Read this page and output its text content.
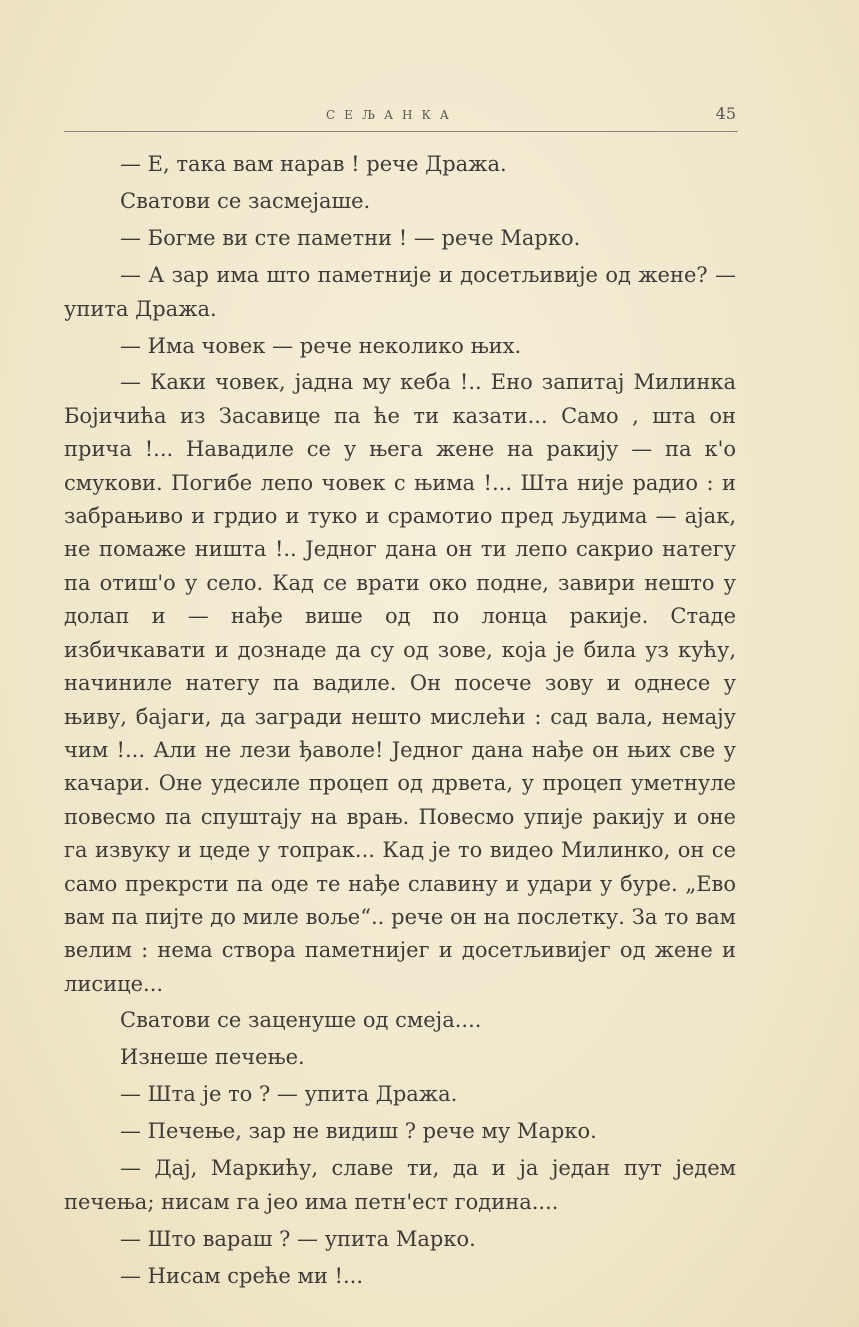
СЕЉАНКА	45

— Е, така вам нарав ! рече Дража.

Сватови се засмејаше.

— Богме ви сте паметни ! — рече Марко.

— А зар има што паметније и досетљивије од жене? — упита Дража.

— Има човек — рече неколико њих.

— Каки човек, јадна му кеба !.. Ено запитај Милинка Бојичића из Засавице па ће ти казати... Само , шта он прича !... Навадиле се у њега жене на ракију — па к'о смукови. Погибе лепо човек с њима !... Шта није радио : и забрањиво и грдио и туко и срамотио пред људима — ајак, не помаже ништа !.. Једног дана он ти лепо сакрио натегу па отиш'о у село. Кад се врати око подне, завири нешто у долап и — нађе више од по лонца ракије. Стаде избичкавати и дознаде да су од зове, која је била уз кућу, начиниле натегу па вадиле. Он посече зову и однесе у њиву, бајаги, да загради нешто мислећи : сад вала, немају чим !... Али не лези ђаволе! Једног дана нађе он њих све у качари. Оне удесиле процеп од дрвета, у процеп уметнуле повесмо па спуштају на врањ. Повесмо упије ракију и оне га извуку и цеде у топрак... Кад је то видео Милинко, он се само прекрсти па оде те нађе славину и удари у буре. „Ево вам па пијте до миле воље“.. рече он на послетку. За то вам велим : нема створа паметнијег и досетљивијег од жене и лисице...

Сватови се заценуше од смеја....

Изнеше печење.

— Шта је то ? — упита Дража.

— Печење, зар не видиш ? рече му Марко.

— Дај, Маркићу, славе ти, да и ја један пут једем печења; нисам га јео има петн'ест година....

— Што вараш ? — упита Марко.

— Нисам среће ми !...
